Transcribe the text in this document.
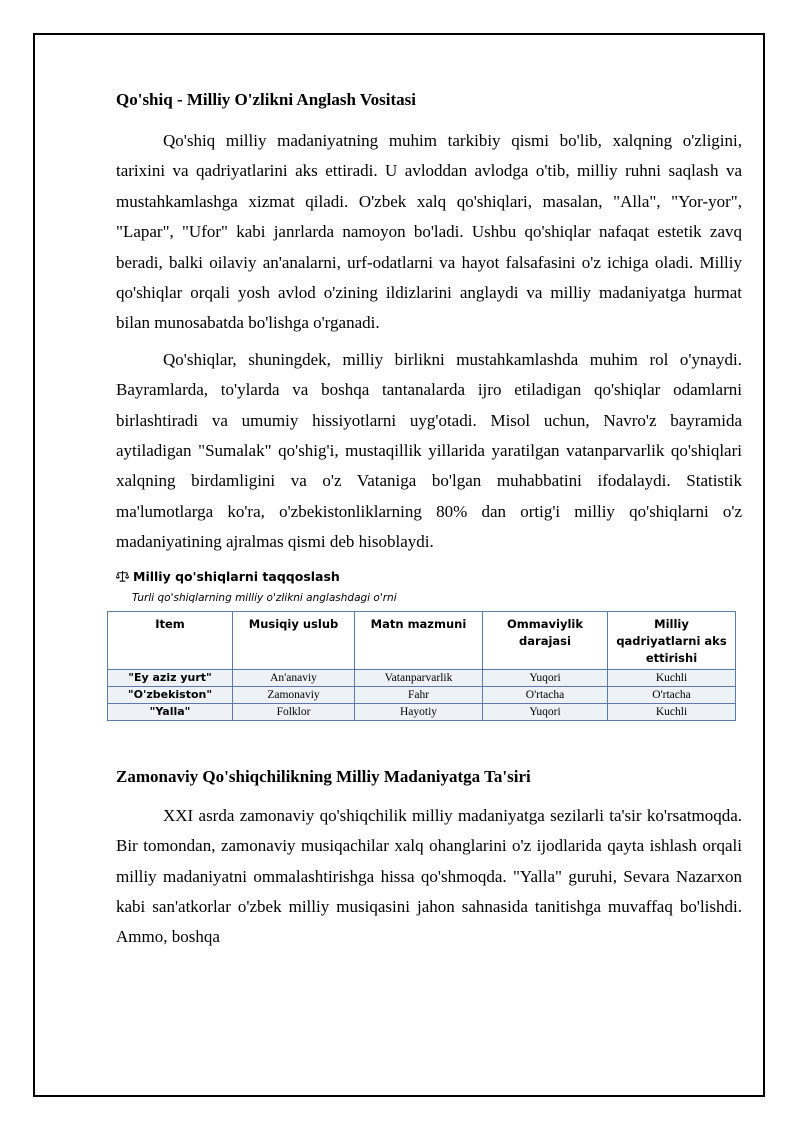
Qo'shiq - Milliy O'zlikni Anglash Vositasi

Qo'shiq milliy madaniyatning muhim tarkibiy qismi bo'lib, xalqning o'zligini, tarixini va qadriyatlarini aks ettiradi. U avloddan avlodga o'tib, milliy ruhni saqlash va mustahkamlashga xizmat qiladi. O'zbek xalq qo'shiqlari, masalan, "Alla", "Yor-yor", "Lapar", "Ufor" kabi janrlarda namoyon bo'ladi. Ushbu qo'shiqlar nafaqat estetik zavq beradi, balki oilaviy an'analarni, urf-odatlarni va hayot falsafasini o'z ichiga oladi. Milliy qo'shiqlar orqali yosh avlod o'zining ildizlarini anglaydi va milliy madaniyatga hurmat bilan munosabatda bo'lishga o'rganadi.

Qo'shiqlar, shuningdek, milliy birlikni mustahkamlashda muhim rol o'ynaydi. Bayramlarda, to'ylarda va boshqa tantanalarda ijro etiladigan qo'shiqlar odamlarni birlashtiradi va umumiy hissiyotlarni uyg'otadi. Misol uchun, Navro'z bayramida aytiladigan "Sumalak" qo'shig'i, mustaqillik yillarida yaratilgan vatanparvarlik qo'shiqlari xalqning birdamligini va o'z Vataniga bo'lgan muhabbatini ifodalaydi. Statistik ma'lumotlarga ko'ra, o'zbekistonliklarning 80% dan ortig'i milliy qo'shiqlarni o'z madaniyatining ajralmas qismi deb hisoblaydi.

Milliy qo'shiqlarni taqqoslash
Turli qo'shiqlarning milliy o'zlikni anglashdagi o'rni
Item	Musiqiy uslub	Matn mazmuni	Ommaviylik darajasi	Milliy qadriyatlarni aks ettirishi
"Ey aziz yurt"	An'anaviy	Vatanparvarlik	Yuqori	Kuchli
"O'zbekiston"	Zamonaviy	Fahr	O'rtacha	O'rtacha
"Yalla"	Folklor	Hayotiy	Yuqori	Kuchli
Zamonaviy Qo'shiqchilikning Milliy Madaniyatga Ta'siri

XXI asrda zamonaviy qo'shiqchilik milliy madaniyatga sezilarli ta'sir ko'rsatmoqda. Bir tomondan, zamonaviy musiqachilar xalq ohanglarini o'z ijodlarida qayta ishlash orqali milliy madaniyatni ommalashtirishga hissa qo'shmoqda. "Yalla" guruhi, Sevara Nazarxon kabi san'atkorlar o'zbek milliy musiqasini jahon sahnasida tanitishga muvaffaq bo'lishdi. Ammo, boshqa
